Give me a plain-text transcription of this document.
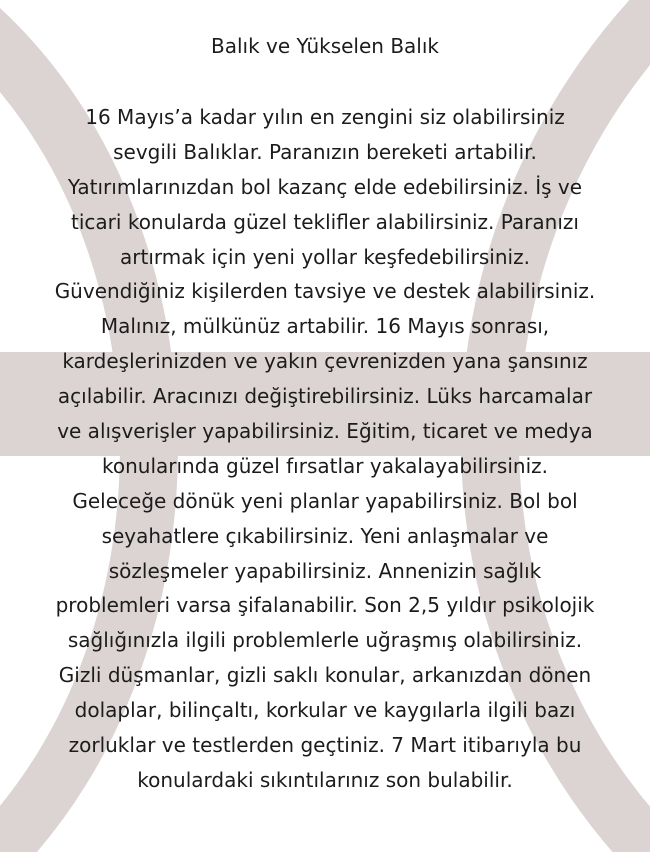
Balık ve Yükselen Balık
16 Mayıs’a kadar yılın en zengini siz olabilirsiniz
sevgili Balıklar. Paranızın bereketi artabilir.
Yatırımlarınızdan bol kazanç elde edebilirsiniz. İş ve
ticari konularda güzel teklifler alabilirsiniz. Paranızı
artırmak için yeni yollar keşfedebilirsiniz.
Güvendiğiniz kişilerden tavsiye ve destek alabilirsiniz.
Malınız, mülkünüz artabilir. 16 Mayıs sonrası,
kardeşlerinizden ve yakın çevrenizden yana şansınız
açılabilir. Aracınızı değiştirebilirsiniz. Lüks harcamalar
ve alışverişler yapabilirsiniz. Eğitim, ticaret ve medya
konularında güzel fırsatlar yakalayabilirsiniz.
Geleceğe dönük yeni planlar yapabilirsiniz. Bol bol
seyahatlere çıkabilirsiniz. Yeni anlaşmalar ve
sözleşmeler yapabilirsiniz. Annenizin sağlık
problemleri varsa şifalanabilir. Son 2,5 yıldır psikolojik
sağlığınızla ilgili problemlerle uğraşmış olabilirsiniz.
Gizli düşmanlar, gizli saklı konular, arkanızdan dönen
dolaplar, bilinçaltı, korkular ve kaygılarla ilgili bazı
zorluklar ve testlerden geçtiniz. 7 Mart itibarıyla bu
konulardaki sıkıntılarınız son bulabilir.
